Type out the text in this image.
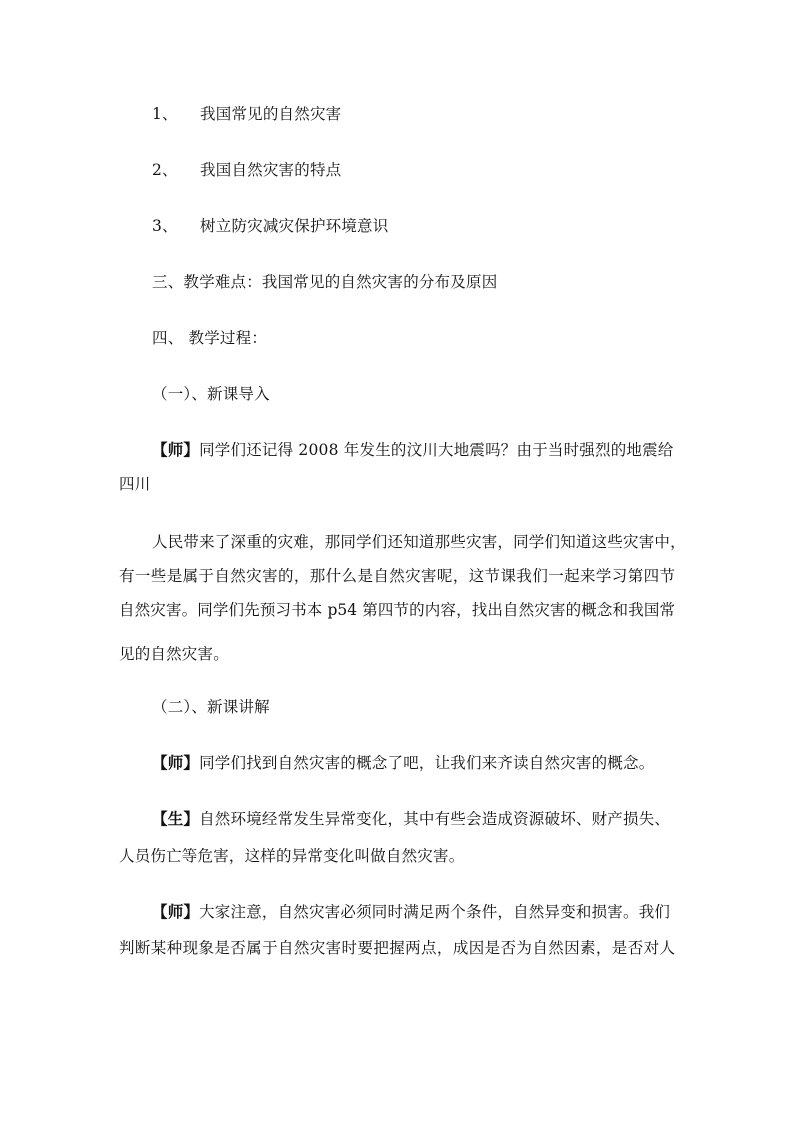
1、 我国常见的自然灾害
2、 我国自然灾害的特点
3、 树立防灾减灾保护环境意识
三、教学难点：我国常见的自然灾害的分布及原因
四、 教学过程：
（一）、新课导入
【师】同学们还记得 2008 年发生的汶川大地震吗？由于当时强烈的地震给
四川
人民带来了深重的灾难，那同学们还知道那些灾害，同学们知道这些灾害中，
有一些是属于自然灾害的，那什么是自然灾害呢，这节课我们一起来学习第四节
自然灾害。同学们先预习书本 p54 第四节的内容，找出自然灾害的概念和我国常
见的自然灾害。
（二）、新课讲解
【师】同学们找到自然灾害的概念了吧，让我们来齐读自然灾害的概念。
【生】自然环境经常发生异常变化，其中有些会造成资源破坏、财产损失、
人员伤亡等危害，这样的异常变化叫做自然灾害。
【师】大家注意，自然灾害必须同时满足两个条件，自然异变和损害。我们
判断某种现象是否属于自然灾害时要把握两点，成因是否为自然因素，是否对人
